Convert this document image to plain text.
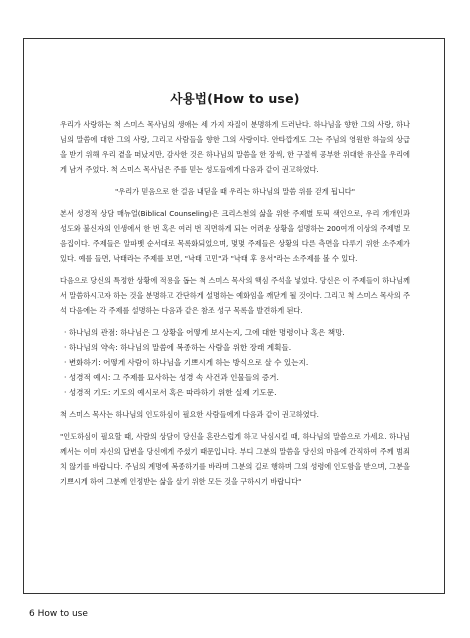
사용법(How to use)

우리가 사랑하는 척 스미스 목사님의 생애는 세 가지 자질이 분명하게 드러난다. 하나님을 향한 그의 사랑, 하나님의 말씀에 대한 그의 사랑, 그리고 사람들을 향한 그의 사랑이다. 안타깝게도 그는 주님의 영원한 하늘의 상급을 받기 위해 우리 곁을 떠났지만, 감사한 것은 하나님의 말씀을 한 장씩, 한 구절씩 공부한 위대한 유산을 우리에게 남겨 주었다. 척 스미스 목사님은 주를 믿는 성도들에게 다음과 같이 권고하였다.

"우리가 믿음으로 한 걸음 내딛을 때 우리는 하나님의 말씀 위를 걷게 됩니다"

본서 성경적 상담 매뉴얼(Biblical Counseling)은 크리스천의 삶을 위한 주제별 토픽 색인으로, 우리 개개인과 성도와 불신자의 인생에서 한 번 혹은 여러 번 직면하게 되는 어려운 상황을 설명하는 200여개 이상의 주제별 모음집이다. 주제들은 알파벳 순서대로 목록화되었으며, 몇몇 주제들은 상황의 다른 측면을 다루기 위한 소주제가 있다. 예를 들면, 낙태라는 주제를 보면, "낙태 고민"과 "낙태 후 용서"라는 소주제를 볼 수 있다.

다음으로 당신의 특정한 상황에 적용을 돕는 척 스미스 목사의 핵심 주석을 넣었다. 당신은 이 주제들이 하나님께서 말씀하시고자 하는 것을 분명하고 간단하게 설명하는 예화임을 깨닫게 될 것이다. 그리고 척 스미스 목사의 주석 다음에는 각 주제를 설명하는 다음과 같은 참조 성구 목록을 발견하게 된다.

· 하나님의 관점: 하나님은 그 상황을 어떻게 보시는지, 그에 대한 명령이나 혹은 책망.
· 하나님의 약속: 하나님의 말씀에 복종하는 사람을 위한 장래 계획들.
· 변화하기: 어떻게 사람이 하나님을 기쁘시게 하는 방식으로 살 수 있는지.
· 성경적 예시: 그 주제를 묘사하는 성경 속 사건과 인물들의 증거.
· 성경적 기도: 기도의 예시로서 혹은 따라하기 위한 실제 기도문.

척 스미스 목사는 하나님의 인도하심이 필요한 사람들에게 다음과 같이 권고하였다.

"인도하심이 필요할 때, 사람의 상담이 당신을 혼란스럽게 하고 낙심시킬 때, 하나님의 말씀으로 가세요. 하나님께서는 이미 자신의 답변을 당신에게 주셨기 때문입니다. 부디 그분의 말씀을 당신의 마음에 간직하여 주께 범죄치 않기를 바랍니다. 주님의 계명에 복종하기를 바라며 그분의 길로 행하며 그의 성령에 인도함을 받으며, 그분을 기쁘시게 하여 그분께 인정받는 삶을 살기 위한 모든 것을 구하시기 바랍니다"

6 How to use
